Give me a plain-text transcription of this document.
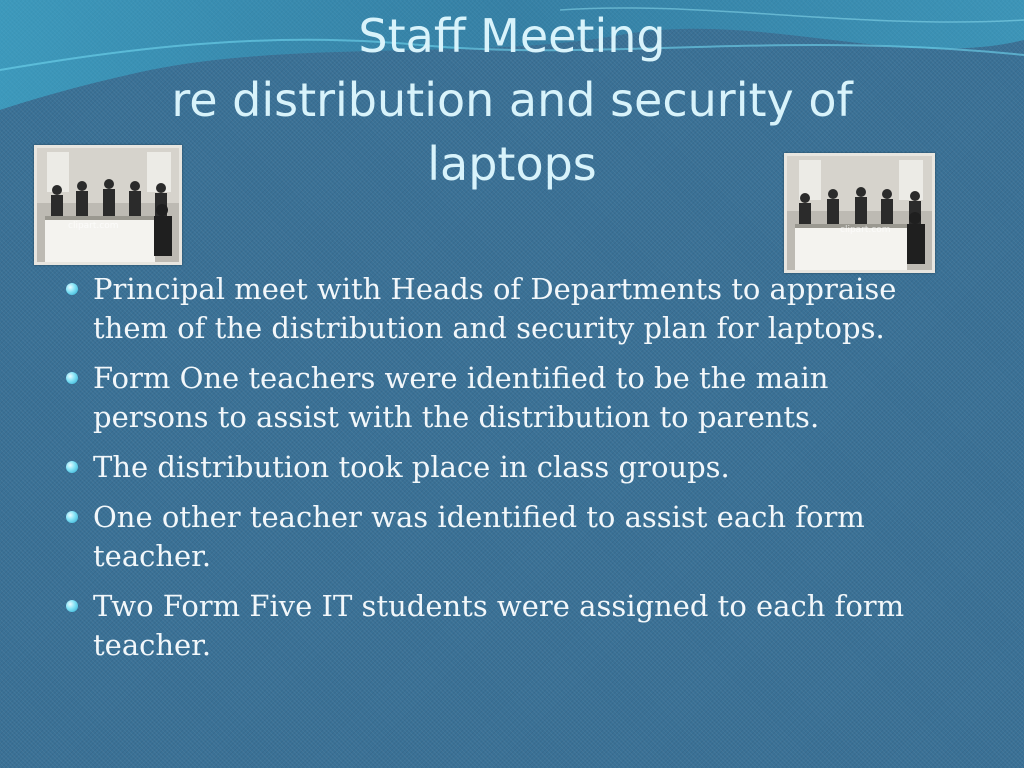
Staff Meeting
re distribution and security of
laptops
clipart.com	clipart.com
Principal meet with Heads of Departments to appraise
them of the distribution and security plan for laptops.
Form One teachers were identified to be the main
persons to assist with the distribution to parents.
The distribution took place in class groups.
One other teacher was identified to assist each form
teacher.
Two Form Five IT students were assigned to each form
teacher.
